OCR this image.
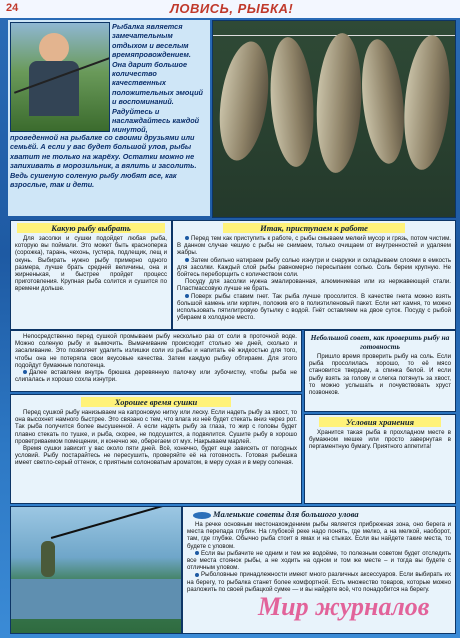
24	ЛОВИСЬ, РЫБКА!
Рыбалка является замечательным отдыхом и веселым времяпровождением. Она дарит большое количество качественных положительных эмоций и воспоминаний. Радуйтесь и наслаждайтесь каждой минутой,
проведенной на рыбалке со своими друзьями или семьёй. А если у вас будет большой улов, рыбы хватит не только на жарёху. Остатки можно не запихивать в морозильник, а вялить и засолить. Ведь сушеную соленую рыбу любят все, как взрослые, так и дети.
Какую рыбу выбрать

Для засолки и сушки подойдет любая рыба, которую вы поймали. Это может быть красноперка (сорожка), тарань, чехонь, густера, подлещик, лещ и окунь. Выбирать нужно рыбу примерно одного размера, лучше брать средней величины, она и жирненькая, и быстрее пройдет процесс приготовления. Крупная рыба солится и сушится по времени дольше.

Итак, приступаем к работе

Перед тем как приступить к работе, с рыбы смываем мелкий мусор и грязь, потом чистим. В данном случае чешую с рыбы не снимаем, только очищаем от внутренностей и удаляем жабры.

Затем обильно натираем рыбу солью изнутри и снаружи и складываем слоями в емкость для засолки. Каждый слой рыбы равномерно пересыпаем солью. Соль берем крупную. Не бойтесь переборщить с количеством соли.

Посуду для засолки нужна эмалированная, алюминиевая или из нержавеющей стали. Пластмассовую лучше не брать.

Поверх рыбы ставим гнет. Так рыба лучше просолится. В качестве гнета можно взять большой камень или кирпич, положив его в полиэтиленовый пакет. Если нет камня, то можно использовать пятилитровую бутылку с водой. Гнёт оставляем на двое суток. Посуду с рыбой убираем в холодное место.

Непосредственно перед сушкой промываем рыбу несколько раз от соли в проточной воде. Можно соленую рыбу и вымочить. Вымачивание происходит столько же дней, сколько и засаливание. Это позволяет удалить излишки соли из рыбы и напитать её жидкостью для того, чтобы она не потеряла свои вкусовые качества. Затем каждую рыбку обтираем. Для этого подойдут бумажные полотенца.

Далее вставляем внутрь брюшка деревянную палочку или зубочистку, чтобы рыба не слипалась и хорошо сохла изнутри.

Небольшой совет, как проверить рыбу на готовность

Пришло время проверить рыбу на соль. Если рыба просолилась хорошо, то её мясо становится твердым, а спинка белой. И если рыбу взять за голову и слегка потянуть за хвост, то можно услышать и почувствовать хруст позвонков.

Хорошее время сушки

Перед сушкой рыбу нанизываем на капроновую нитку или леску. Если надеть рыбу за хвост, то она высохнет намного быстрее. Это связано с тем, что влага из неё будет стекать вниз через рот. Так рыба получится более высушенной. А если надеть рыбу за глаза, то жир с головы будет плавно стекать по тушке, и рыба, скорее, не подсушится, а подвялится. Сушите рыбу в хорошо проветриваемом помещении, и конечно же, оберегаем от мух. Накрываем марлей.

Время сушки зависит у вас около пяти дней. Всё, конечно, будет еще зависеть от погодных условий. Рыбу постарайтесь не пересушить, проверяйте её на готовность. Готовая рыбешка имеет светло-серый оттенок, с приятным солоноватым ароматом, в меру сухая и в меру соленая.

Условия хранения

Хранится такая рыба в прохладном месте в бумажном мешке или просто завернутая в пергаментную бумагу. Приятного аппетита!

Маленькие советы для большого улова

На речке основным местонахождением рыбы является прибрежная зона, оно берега и места перепада глубин. На глубокой реке надо понять, где мелко, а на мелкой, наоборот, там, где глубже. Обычно рыба стоит в ямах и на стыках. Если вы найдете такие места, то будете с уловом.

Если вы рыбачите не одним и тем же водоёме, то полезным советом будет отследить все места стоянок рыбы, а не ходить на одном и том же месте – и тогда вы будете с отличным уловом.

Рыболовные принадлежности имеют много различных аксессуаров. Если выбирать их на берегу, то рыбалка станет более комфортной. Есть множество товаров, которые можно разложить по своей рыбацкой сумке — и вы найдете всё, что понадобится на берегу.

Мир журналов
